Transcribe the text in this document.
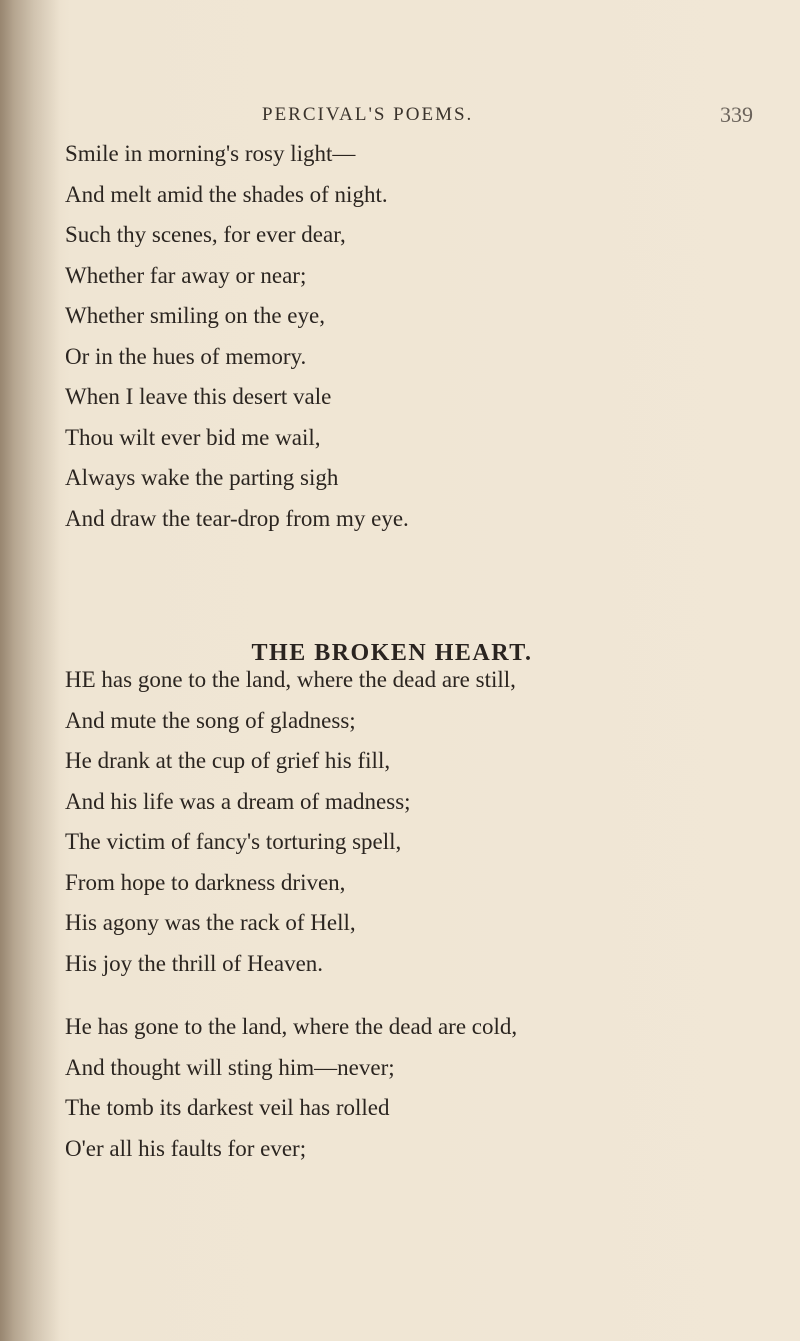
PERCIVAL'S POEMS.	339
Smile in morning's rosy light—
And melt amid the shades of night.
Such thy scenes, for ever dear,
Whether far away or near;
Whether smiling on the eye,
Or in the hues of memory.
When I leave this desert vale
Thou wilt ever bid me wail,
Always wake the parting sigh
And draw the tear-drop from my eye.
THE BROKEN HEART.
HE has gone to the land, where the dead are still,
And mute the song of gladness;
He drank at the cup of grief his fill,
And his life was a dream of madness;
The victim of fancy's torturing spell,
From hope to darkness driven,
His agony was the rack of Hell,
His joy the thrill of Heaven.
He has gone to the land, where the dead are cold,
And thought will sting him—never;
The tomb its darkest veil has rolled
O'er all his faults for ever;
